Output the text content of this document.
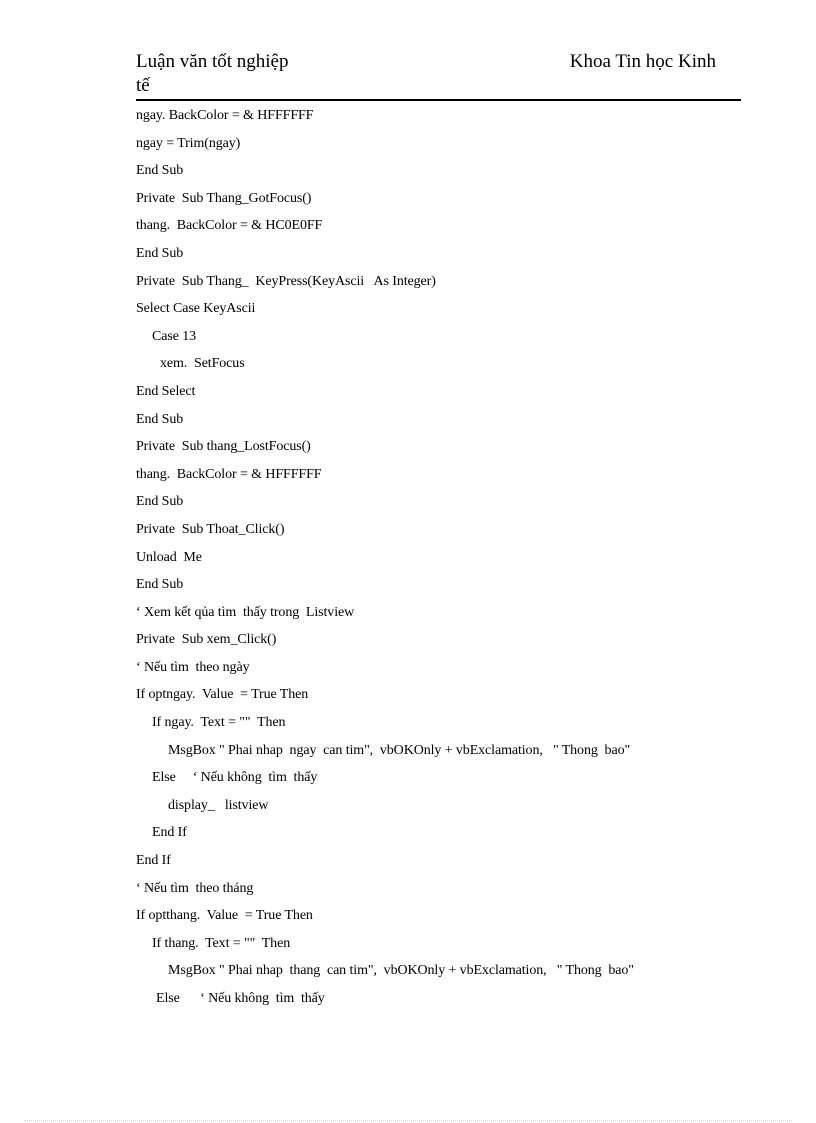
Luận văn tốt nghiệp
tế
Khoa Tin học Kinh
ngay. BackColor = & HFFFFFF
ngay = Trim(ngay)
End Sub
Private  Sub Thang_GotFocus()
thang.  BackColor = & HC0E0FF
End Sub
Private  Sub Thang_  KeyPress(KeyAscii   As Integer)
Select Case KeyAscii
Case 13
xem.  SetFocus
End Select
End Sub
Private  Sub thang_LostFocus()
thang.  BackColor = & HFFFFFF
End Sub
Private  Sub Thoat_Click()
Unload  Me
End Sub
‘ Xem kết qủa tìm  thấy trong  Listview
Private  Sub xem_Click()
‘ Nếu tìm  theo ngày
If optngay.  Value  = True Then
If ngay.  Text = ""  Then
MsgBox " Phai nhap  ngay  can tim",  vbOKOnly + vbExclamation,   " Thong  bao"
Else     ‘ Nếu không  tìm  thấy
display_   listview
End If
End If
‘ Nếu tìm  theo tháng
If optthang.  Value  = True Then
If thang.  Text = ""  Then
MsgBox " Phai nhap  thang  can tim",  vbOKOnly + vbExclamation,   " Thong  bao"
Else      ‘ Nếu không  tìm  thấy
